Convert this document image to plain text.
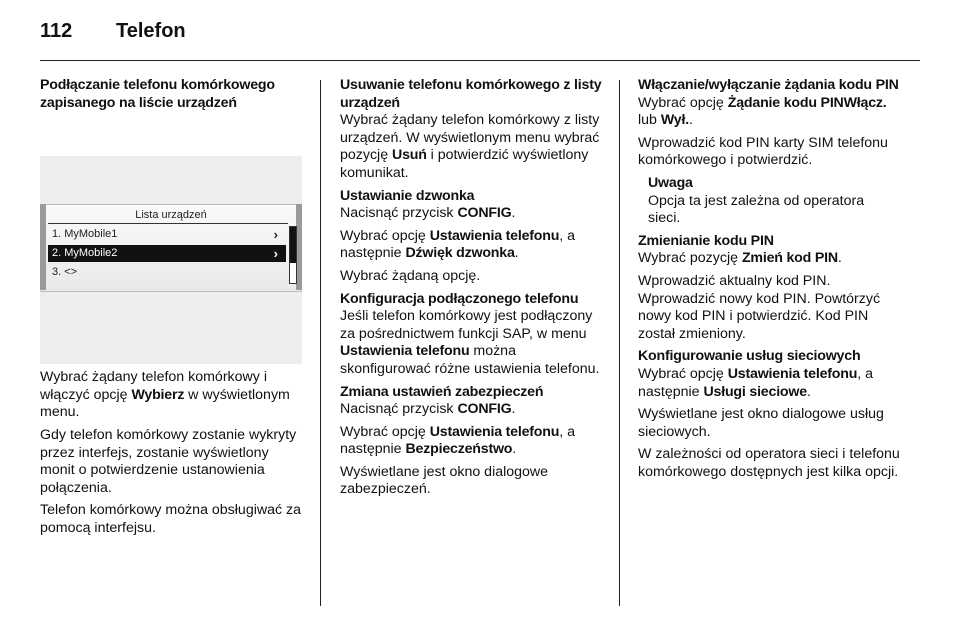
112	Telefon
Podłączanie telefonu komórkowego zapisanego na liście urządzeń
Lista urządzeń
1. MyMobile1	›
2. MyMobile2	›
3. <>

Wybrać żądany telefon komórkowy i włączyć opcję Wybierz w wyświetlonym menu.

Gdy telefon komórkowy zostanie wykryty przez interfejs, zostanie wyświetlony monit o potwierdzenie ustanowienia połączenia.

Telefon komórkowy można obsługiwać za pomocą interfejsu.

Usuwanie telefonu komórkowego z listy urządzeń

Wybrać żądany telefon komórkowy z listy urządzeń. W wyświetlonym menu wybrać pozycję Usuń i potwierdzić wyświetlony komunikat.

Ustawianie dzwonka

Nacisnąć przycisk CONFIG.

Wybrać opcję Ustawienia telefonu, a następnie Dźwięk dzwonka.

Wybrać żądaną opcję.

Konfiguracja podłączonego telefonu

Jeśli telefon komórkowy jest podłączony za pośrednictwem funkcji SAP, w menu Ustawienia telefonu można skonfigurować różne ustawienia telefonu.

Zmiana ustawień zabezpieczeń

Nacisnąć przycisk CONFIG.

Wybrać opcję Ustawienia telefonu, a następnie Bezpieczeństwo.

Wyświetlane jest okno dialogowe zabezpieczeń.

Włączanie/wyłączanie żądania kodu PIN

Wybrać opcję Żądanie kodu PINWłącz. lub Wył..

Wprowadzić kod PIN karty SIM telefonu komórkowego i potwierdzić.

Uwaga
Opcja ta jest zależna od operatora sieci.
Zmienianie kodu PIN

Wybrać pozycję Zmień kod PIN.

Wprowadzić aktualny kod PIN. Wprowadzić nowy kod PIN. Powtórzyć nowy kod PIN i potwierdzić. Kod PIN został zmieniony.

Konfigurowanie usług sieciowych

Wybrać opcję Ustawienia telefonu, a następnie Usługi sieciowe.

Wyświetlane jest okno dialogowe usług sieciowych.

W zależności od operatora sieci i telefonu komórkowego dostępnych jest kilka opcji.
